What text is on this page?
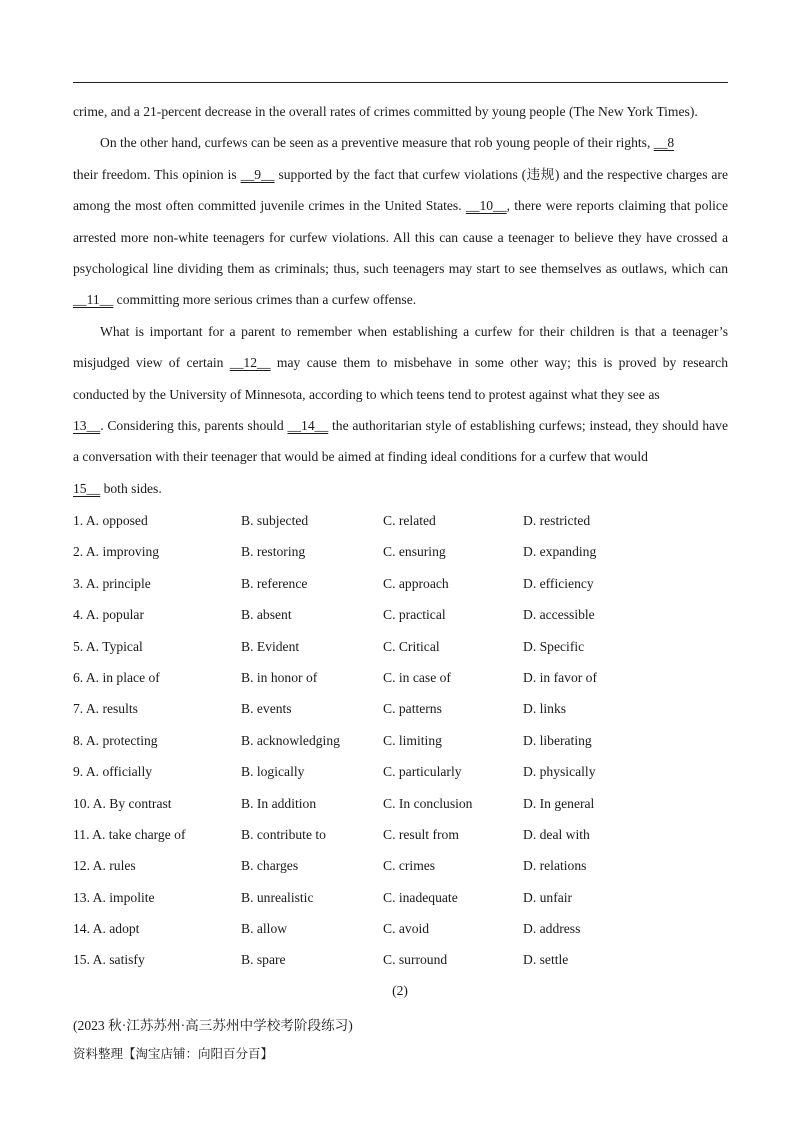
crime, and a 21-percent decrease in the overall rates of crimes committed by young people (The New York Times).

On the other hand, curfews can be seen as a preventive measure that rob young people of their rights, __8
their freedom. This opinion is __9__ supported by the fact that curfew violations (违规) and the respective charges are among the most often committed juvenile crimes in the United States. __10__, there were reports claiming that police arrested more non-white teenagers for curfew violations. All this can cause a teenager to believe they have crossed a psychological line dividing them as criminals; thus, such teenagers may start to see themselves as outlaws, which can __11__ committing more serious crimes than a curfew offense.

What is important for a parent to remember when establishing a curfew for their children is that a teenager’s misjudged view of certain __12__ may cause them to misbehave in some other way; this is proved by research conducted by the University of Minnesota, according to which teens tend to protest against what they see as
13__. Considering this, parents should __14__ the authoritarian style of establishing curfews; instead, they should have a conversation with their teenager that would be aimed at finding ideal conditions for a curfew that would
15__ both sides.

1. A. opposed	B. subjected	C. related	D. restricted
2. A. improving	B. restoring	C. ensuring	D. expanding
3. A. principle	B. reference	C. approach	D. efficiency
4. A. popular	B. absent	C. practical	D. accessible
5. A. Typical	B. Evident	C. Critical	D. Specific
6. A. in place of	B. in honor of	C. in case of	D. in favor of
7. A. results	B. events	C. patterns	D. links
8. A. protecting	B. acknowledging	C. limiting	D. liberating
9. A. officially	B. logically	C. particularly	D. physically
10. A. By contrast	B. In addition	C. In conclusion	D. In general
11. A. take charge of	B. contribute to	C. result from	D. deal with
12. A. rules	B. charges	C. crimes	D. relations
13. A. impolite	B. unrealistic	C. inadequate	D. unfair
14. A. adopt	B. allow	C. avoid	D. address
15. A. satisfy	B. spare	C. surround	D. settle
(2)
(2023 秋·江苏苏州·高三苏州中学校考阶段练习)
资料整理【淘宝店铺：向阳百分百】
